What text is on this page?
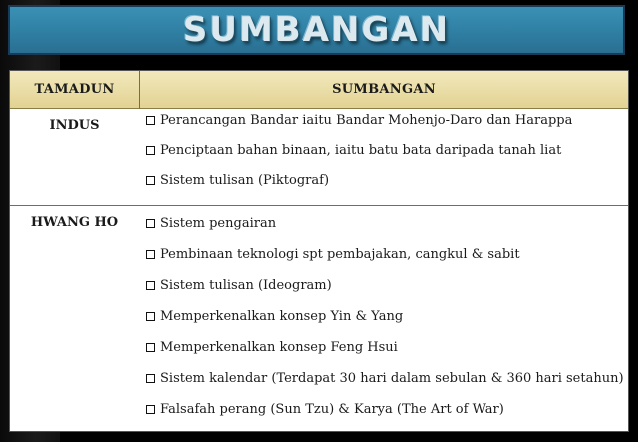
SUMBANGAN
TAMADUN	SUMBANGAN
INDUS	Perancangan Bandar iaitu Bandar Mohenjo-Daro dan Harappa
Penciptaan bahan binaan, iaitu batu bata daripada tanah liat
Sistem tulisan (Piktograf)
HWANG HO	Sistem pengairan
Pembinaan teknologi spt pembajakan, cangkul & sabit
Sistem tulisan (Ideogram)
Memperkenalkan konsep Yin & Yang
Memperkenalkan konsep Feng Hsui
Sistem kalendar (Terdapat 30 hari dalam sebulan & 360 hari setahun)
Falsafah perang (Sun Tzu) & Karya (The Art of War)
